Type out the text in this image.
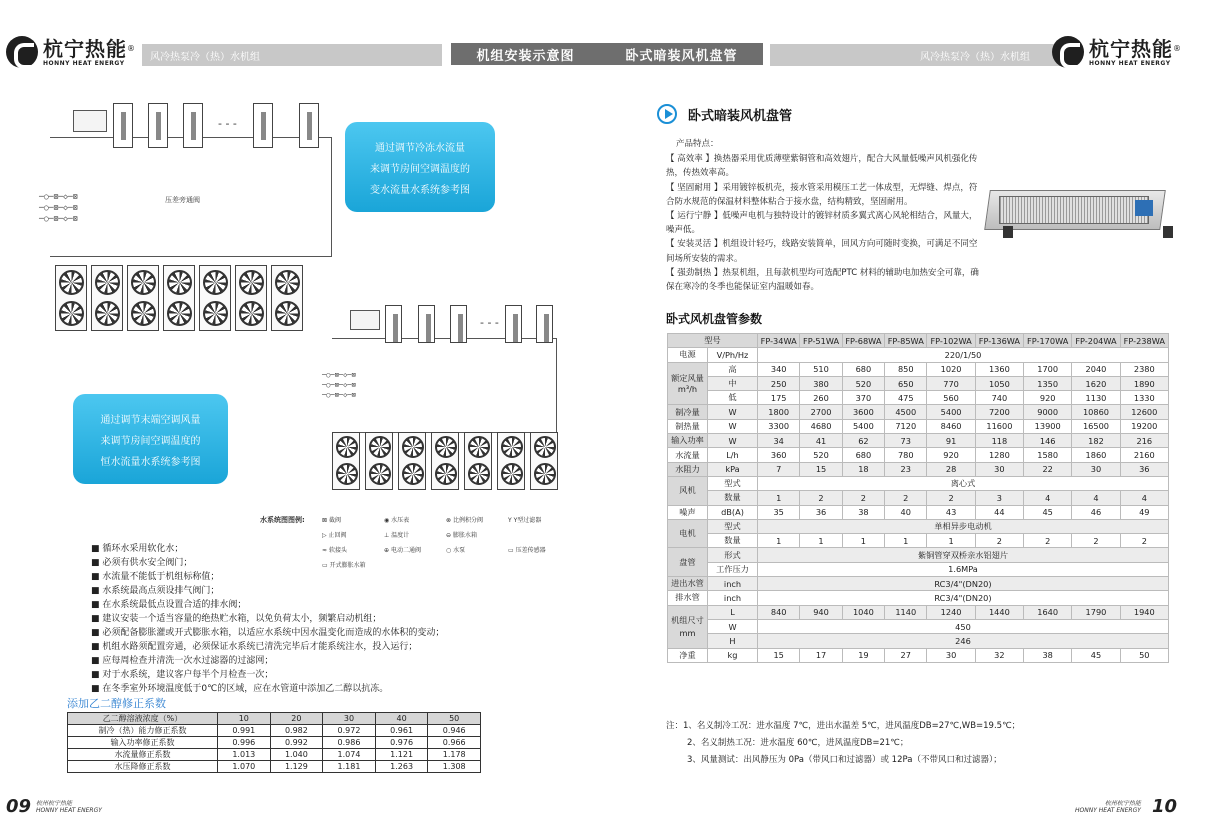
杭宁热能®
HONNY HEAT ENERGY	风冷热泵冷（热）水机组	机组安装示意图	卧式暗装风机盘管	风冷热泵冷（热）水机组	杭宁热能®
HONNY HEAT ENERGY
- - -
─○─⊠─◇─⊠
─○─⊠─◇─⊠
─○─⊠─◇─⊠
压差旁通阀
通过调节冷冻水流量
来调节房间空调温度的
变水流量水系统参考图
- - -
─○─⊠─◇─⊠
─○─⊠─◇─⊠
─○─⊠─◇─⊠
通过调节末端空调风量
来调节房间空调温度的
恒水流量水系统参考图
水系统图图例:	⊠ 截阀	◉ 水压表	⊗ 比例积分阀	Y Y型过滤器
▷ 止回阀	⊥ 温度计	⊖ 膨胀水箱
≈ 软接头	⊕ 电动二通阀	○ 水泵	▭ 压差传感器
▭ 开式膨胀水箱
■ 循环水采用软化水；
■ 必须有供水安全阀门；
■ 水流量不能低于机组标称值；
■ 水系统最高点须设排气阀门；
■ 在水系统最低点设置合适的排水阀；
■ 建议安装一个适当容量的绝热贮水箱，以免负荷太小，频繁启动机组；
■ 必须配备膨胀灌或开式膨胀水箱，以适应水系统中因水温变化而造成的水体积的变动；
■ 机组水路须配置旁通，必须保证水系统已清洗完毕后才能系统注水，投入运行；
■ 应每周检查并清洗一次水过滤器的过滤网；
■ 对于水系统，建议客户每半个月检查一次；
■ 在冬季室外环境温度低于0℃的区域，应在水管道中添加乙二醇以抗冻。
添加乙二醇修正系数
乙二醇溶液浓度（%）	10	20	30	40	50
制冷（热）能力修正系数	0.991	0.982	0.972	0.961	0.946
输入功率修正系数	0.996	0.992	0.986	0.976	0.966
水流量修正系数	1.013	1.040	1.074	1.121	1.178
水压降修正系数	1.070	1.129	1.181	1.263	1.308
09 杭州杭宁热能
HONNY HEAT ENERGY
杭州杭宁热能
HONNY HEAT ENERGY 10
卧式暗装风机盘管
产品特点：
【 高效率 】换热器采用优质薄壁紫铜管和高效翅片，配合大风量低噪声风机强化传热，传热效率高。
【 坚固耐用 】采用镀锌板机壳，接水管采用模压工艺一体成型，无焊缝、焊点，符合防水规范的保温材料整体粘合于接水盘，结构精致，坚固耐用。
【 运行宁静 】低噪声电机与独特设计的镀锌材质多翼式离心风轮相结合，风量大，噪声低。
【 安装灵活 】机组设计轻巧，线路安装简单，回风方向可随时变换，可满足不同空间场所安装的需求。
【 强劲制热 】热泵机组，且每款机型均可选配PTC 材料的辅助电加热安全可靠，确保在寒冷的冬季也能保证室内温暖如春。
卧式风机盘管参数
型号		FP-34WA	FP-51WA	FP-68WA	FP-85WA	FP-102WA	FP-136WA	FP-170WA	FP-204WA	FP-238WA
电源	V/Ph/Hz	220/1/50								

额定风量
m³/h	高	340	510	680	850	1020	1360	1700	2040	2380
	中	250	380	520	650	770	1050	1350	1620	1890
	低	175	260	370	475	560	740	920	1130	1330
制冷量	W	1800	2700	3600	4500	5400	7200	9000	10860	12600
制热量	W	3300	4680	5400	7120	8460	11600	13900	16500	19200
输入功率	W	34	41	62	73	91	118	146	182	216
水流量	L/h	360	520	680	780	920	1280	1580	1860	2160
水阻力	kPa	7	15	18	23	28	30	22	30	36
风机	型式	离心式								
	数量	1	2	2	2	2	3	4	4	4
噪声	dB(A)	35	36	38	40	43	44	45	46	49
电机	型式	单相异步电动机								
	数量	1	1	1	1	1	2	2	2	2
盘管	形式	紫铜管穿双桥亲水铝翅片								
	工作压力	1.6MPa								
进出水管	inch	RC3/4"(DN20)								
排水管	inch	RC3/4"(DN20)								

机组尺寸
mm	L	840	940	1040	1140	1240	1440	1640	1790	1940
	W	450								
	H	246								
净重	kg	15	17	19	27	30	32	38	45	50
注：1、名义制冷工况：进水温度 7℃，进出水温差 5℃，进风温度DB=27℃,WB=19.5℃；
2、名义制热工况：进水温度 60℃，进风温度DB=21℃；
3、风量测试：出风静压为 0Pa（带风口和过滤器）或 12Pa（不带风口和过滤器）；
